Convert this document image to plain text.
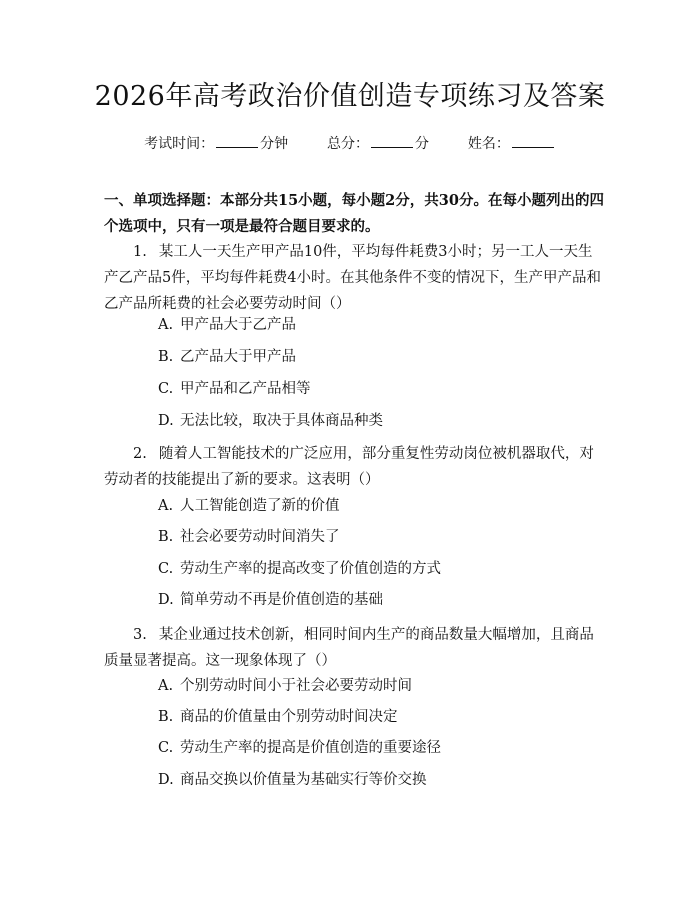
2026年高考政治价值创造专项练习及答案
考试时间：	分钟	总分：	分	姓名：
一、单项选择题：本部分共15小题，每小题2分，共30分。在每小题列出的四个选项中，只有一项是最符合题目要求的。
1. 某工人一天生产甲产品10件，平均每件耗费3小时；另一工人一天生产乙产品5件，平均每件耗费4小时。在其他条件不变的情况下，生产甲产品和乙产品所耗费的社会必要劳动时间（）
A. 甲产品大于乙产品
B. 乙产品大于甲产品
C. 甲产品和乙产品相等
D. 无法比较，取决于具体商品种类
2. 随着人工智能技术的广泛应用，部分重复性劳动岗位被机器取代，对劳动者的技能提出了新的要求。这表明（）
A. 人工智能创造了新的价值
B. 社会必要劳动时间消失了
C. 劳动生产率的提高改变了价值创造的方式
D. 简单劳动不再是价值创造的基础
3. 某企业通过技术创新，相同时间内生产的商品数量大幅增加，且商品质量显著提高。这一现象体现了（）
A. 个别劳动时间小于社会必要劳动时间
B. 商品的价值量由个别劳动时间决定
C. 劳动生产率的提高是价值创造的重要途径
D. 商品交换以价值量为基础实行等价交换
